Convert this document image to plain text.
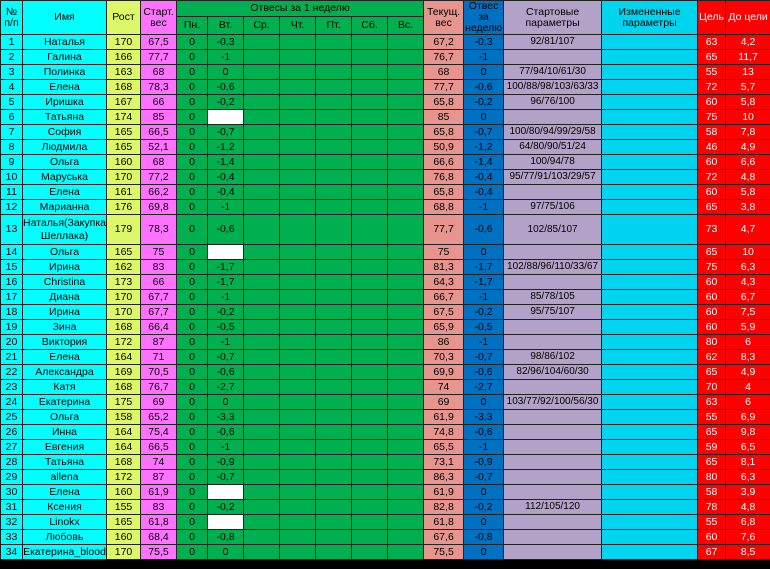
№
п/п	Имя	Рост	Старт. вес	Отвесы за 1 неделю							Текущ. вес	Отвес за неделю	Стартовые параметры	Измененные параметры	Цель	До цели
				Пн.	Вт.	Ср.	Чт.	Пт.	Сб.	Вс.						
1	Наталья	170	67,5	0	-0,3						67,2	-0,3	92/81/107		63	4,2
2	Галина	166	77,7	0	-1						76,7	-1			65	11,7
3	Полинка	163	68	0	0						68	0	77/94/10/61/30		55	13
4	Елена	168	78,3	0	-0,6						77,7	-0,6	100/88/98/103/63/33		72	5,7
5	Иришка	167	66	0	-0,2						65,8	-0,2	96/76/100		60	5,8
6	Татьяна	174	85	0							85	0			75	10
7	София	165	66,5	0	-0,7						65,8	-0,7	100/80/94/99/29/58		58	7,8
8	Людмила	165	52,1	0	-1,2						50,9	-1,2	64/80/90/51/24		46	4,9
9	Ольга	160	68	0	-1,4						66,6	-1,4	100/94/78		60	6,6
10	Маруська	170	77,2	0	-0,4						76,8	-0,4	95/77/91/103/29/57		72	4,8
11	Елена	161	66,2	0	-0,4						65,8	-0,4			60	5,8
12	Марианна	176	69,8	0	-1						68,8	-1	97/75/106		65	3,8
13	Наталья(Закупка Шеллака)	179	78,3	0	-0,6						77,7	-0,6	102/85/107		73	4,7
14	Ольга	165	75	0							75	0			65	10
15	Ирина	162	83	0	-1,7						81,3	-1,7	102/88/96/110/33/67		75	6,3
16	Christina	173	66	0	-1,7						64,3	-1,7			60	4,3
17	Диана	170	67,7	0	-1						66,7	-1	85/78/105		60	6,7
18	Ирина	170	67,7	0	-0,2						67,5	-0,2	95/75/107		60	7,5
19	Зина	168	66,4	0	-0,5						65,9	-0,5			60	5,9
20	Виктория	172	87	0	-1						86	-1			80	6
21	Елена	164	71	0	-0,7						70,3	-0,7	98/86/102		62	8,3
22	Александра	169	70,5	0	-0,6						69,9	-0,6	82/96/104/60/30		65	4,9
23	Катя	168	76,7	0	-2,7						74	-2,7			70	4
24	Екатерина	175	69	0	0						69	0	103/77/92/100/56/30		63	6
25	Ольга	158	65,2	0	-3,3						61,9	-3,3			55	6,9
26	Инна	164	75,4	0	-0,6						74,8	-0,6			65	9,8
27	Евгения	164	66,5	0	-1						65,5	-1			59	6,5
28	Татьяна	168	74	0	-0,9						73,1	-0,9			65	8,1
29	allena	172	87	0	-0,7						86,3	-0,7			80	6,3
30	Елена	160	61,9	0							61,9	0			58	3,9
31	Ксения	155	83	0	-0,2						82,8	-0,2	112/105/120		78	4,8
32	Linokx	165	61,8	0							61,8	0			55	6,8
33	Любовь	160	68,4	0	-0,8						67,6	-0,8			60	7,6
34	Екатерина_blood	170	75,5	0	0						75,5	0			67	8,5
